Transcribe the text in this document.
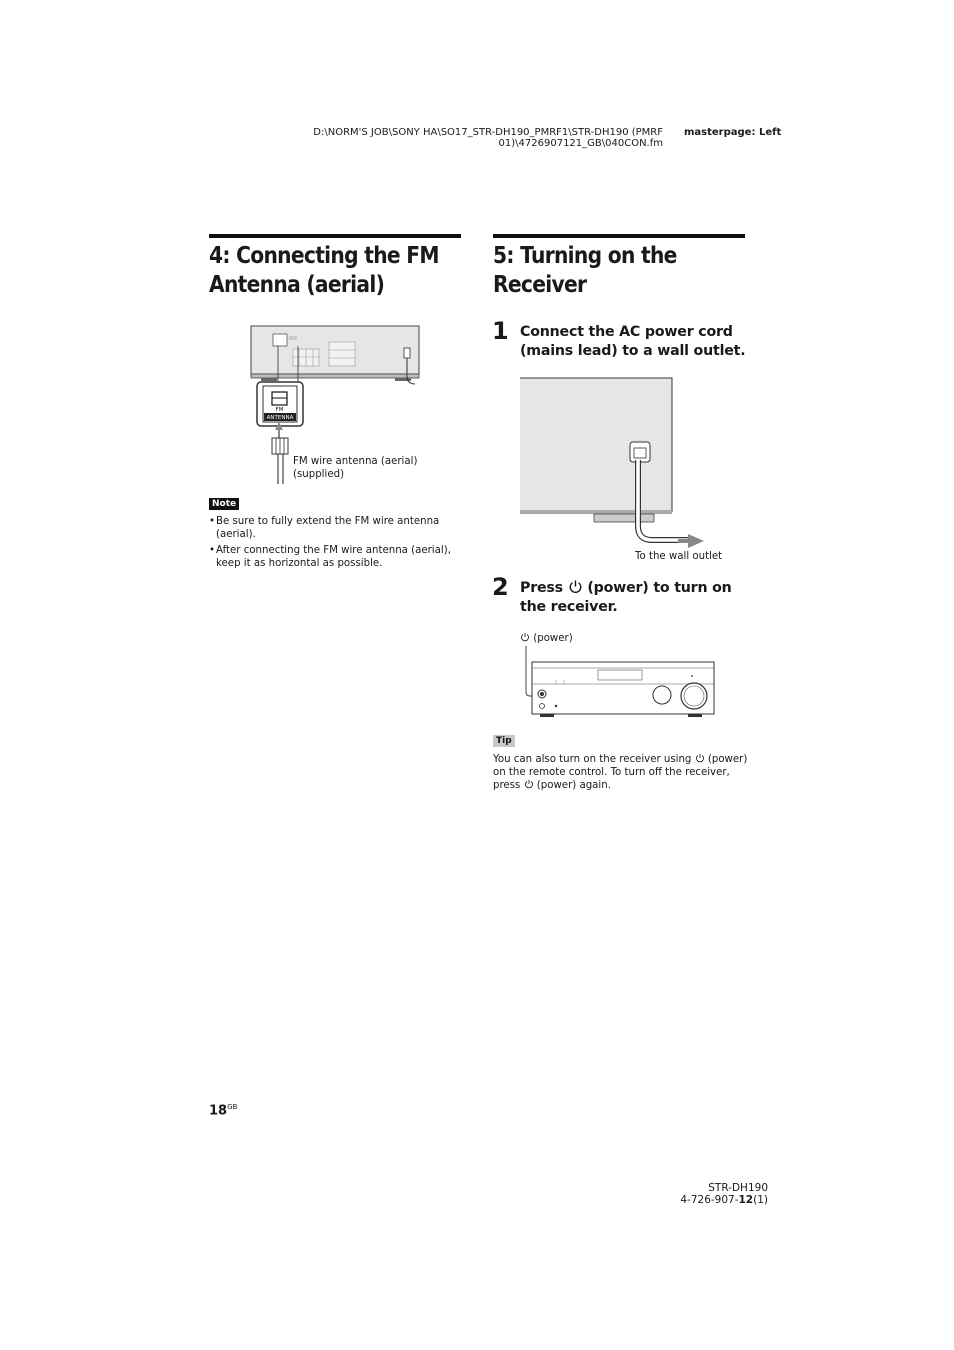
D:\NORM'S JOB\SONY HA\SO17_STR-DH190_PMRF1\STR-DH190 (PMRF
01)\4726907121_GB\040CON.fm
masterpage: Left
4: Connecting the FM
Antenna (aerial)
FM
ANTENNA
FM wire antenna (aerial)
(supplied)
Note
• Be sure to fully extend the FM wire antenna (aerial).
• After connecting the FM wire antenna (aerial), keep it as horizontal as possible.
5: Turning on the
Receiver
1 Connect the AC power cord (mains lead) to a wall outlet.
To the wall outlet
2 Press  (power) to turn on the receiver.
(power)
Tip
You can also turn on the receiver using  (power) on the remote control. To turn off the receiver, press  (power) again.
$18^{GB}$
STR-DH190
4-726-907-12(1)
